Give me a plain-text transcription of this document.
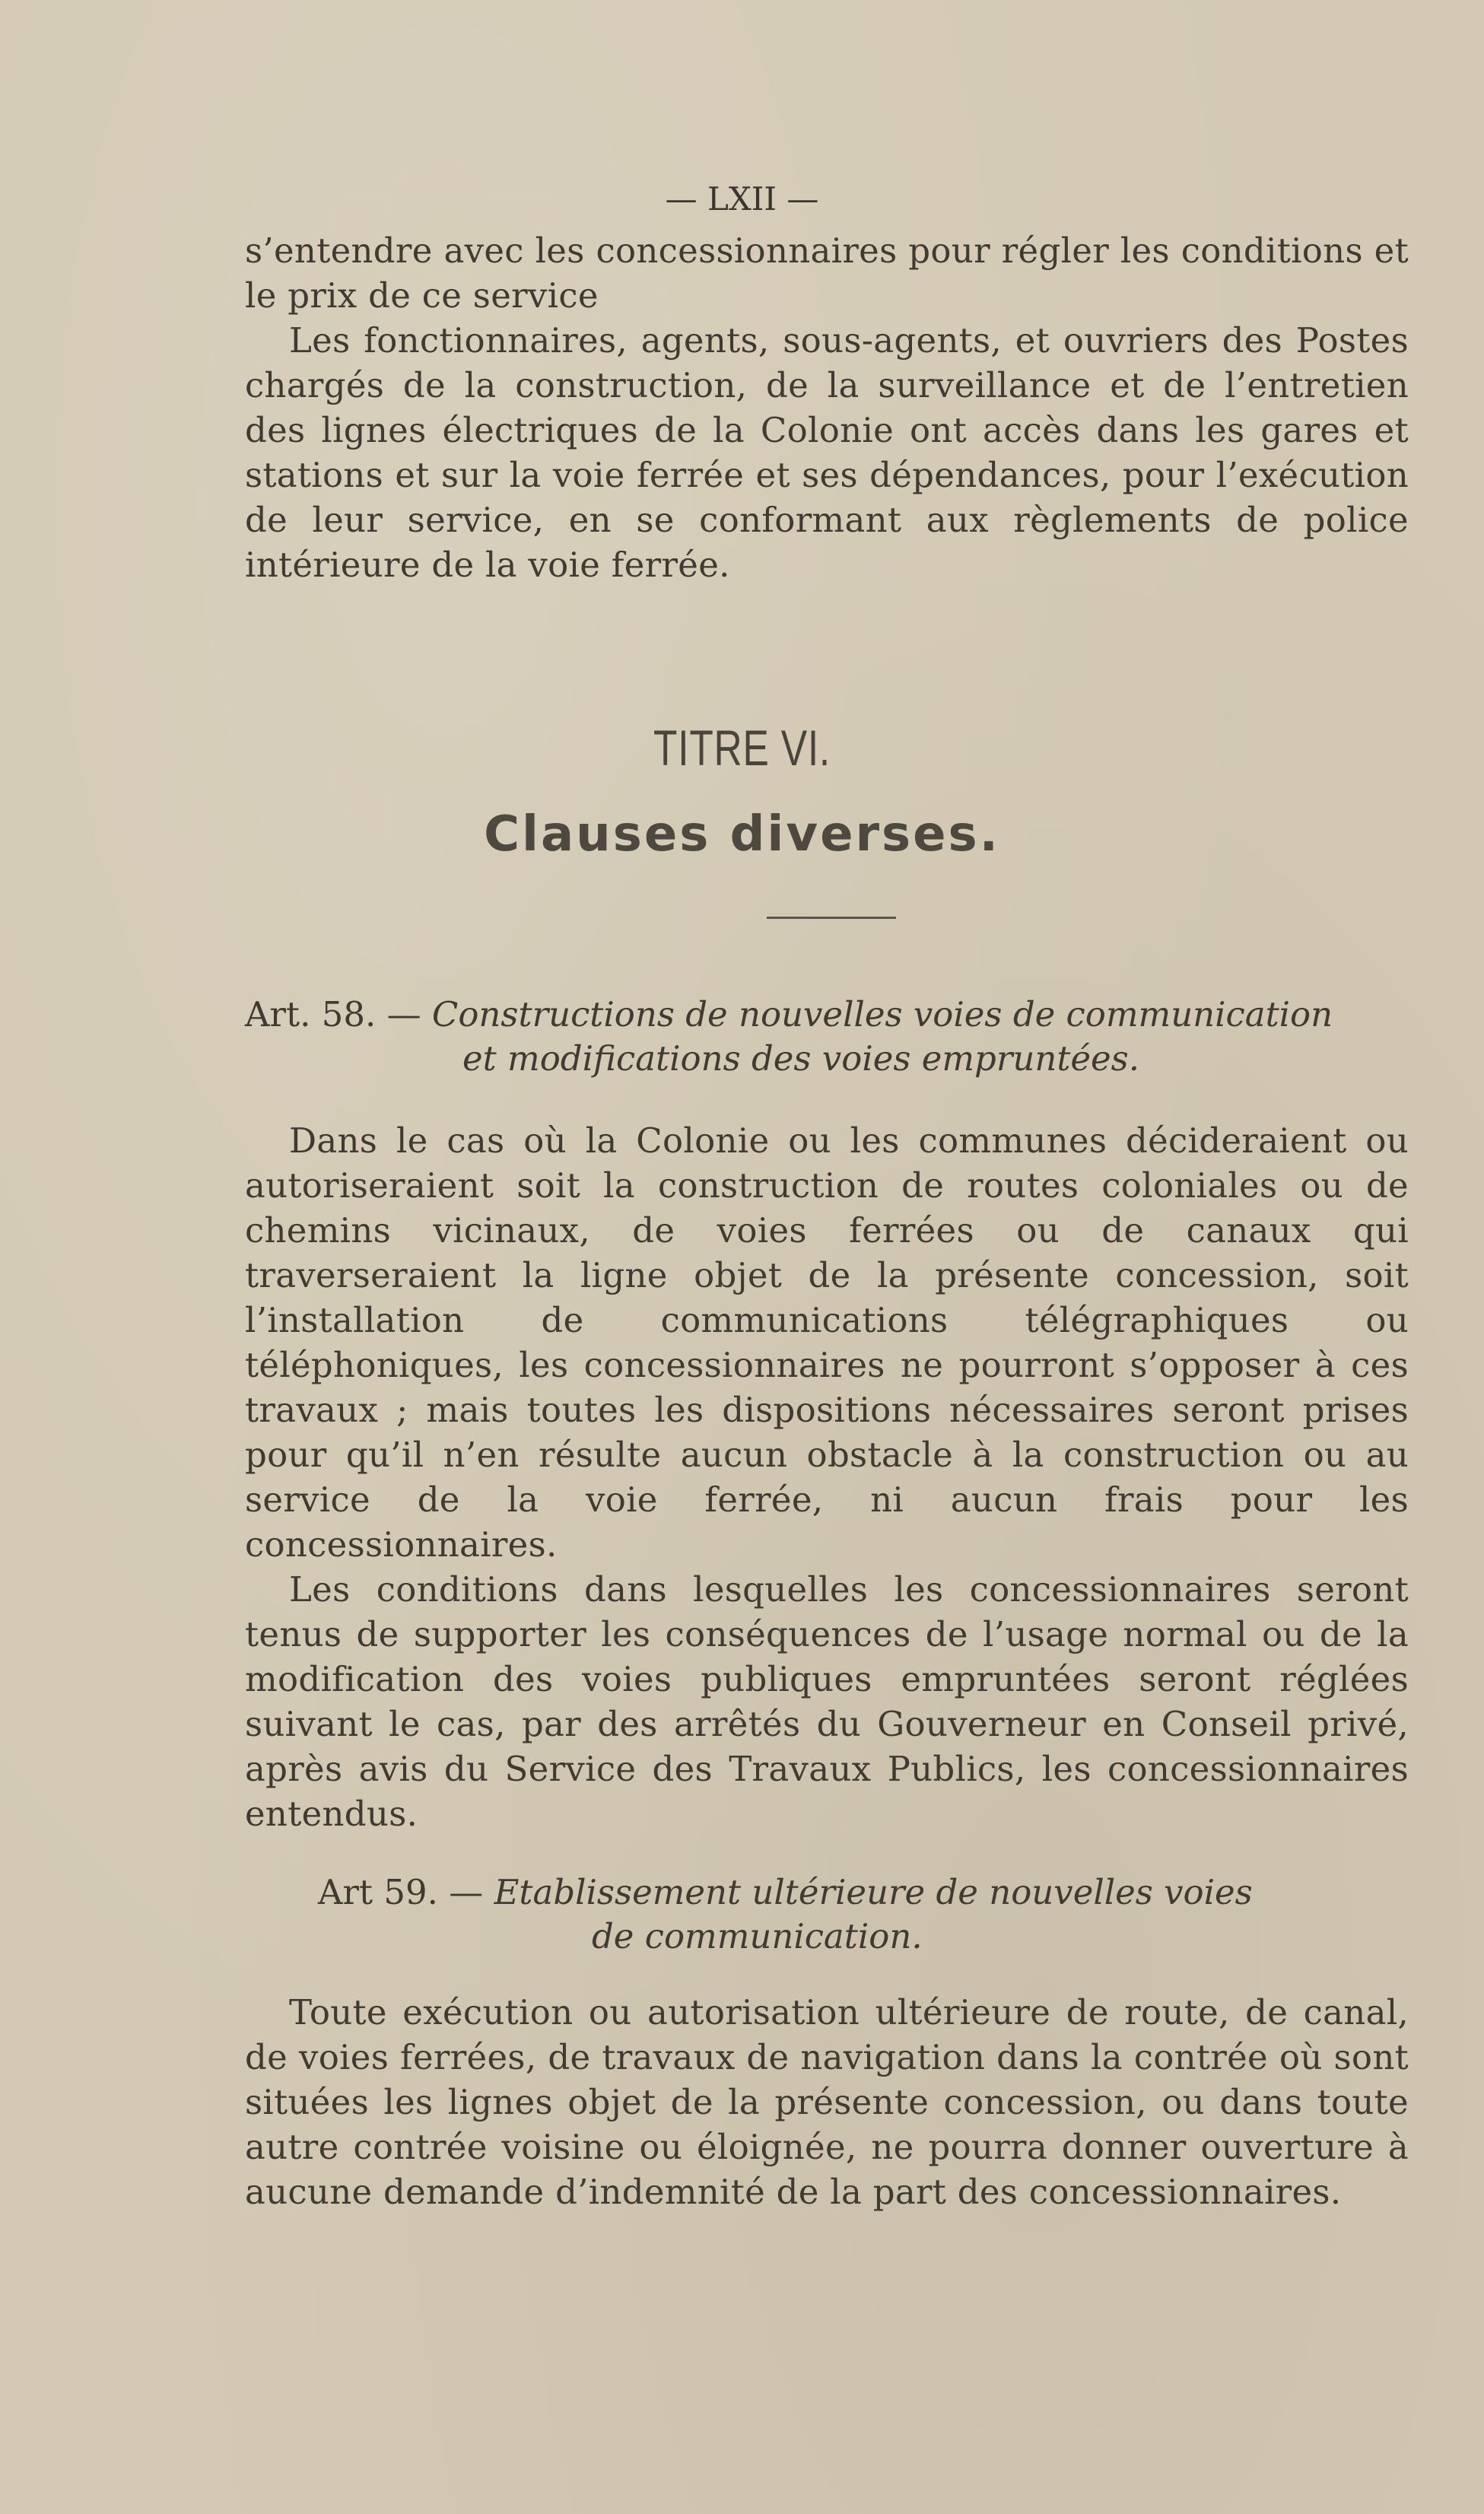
— LXII —

s’entendre avec les concessionnaires pour régler les conditions et le prix de ce service

Les fonctionnaires, agents, sous-agents, et ouvriers des Postes chargés de la construction, de la surveillance et de l’entretien des lignes électriques de la Colonie ont accès dans les gares et stations et sur la voie ferrée et ses dépendances, pour l’exécution de leur service, en se conformant aux règlements de police intérieure de la voie ferrée.

TITRE VI.
Clauses diverses.
Art. 58. — Constructions de nouvelles voies de communication
et modifications des voies empruntées.

Dans le cas où la Colonie ou les communes décideraient ou autoriseraient soit la construction de routes coloniales ou de chemins vicinaux, de voies ferrées ou de canaux qui traverseraient la ligne objet de la présente concession, soit l’installation de communications télégraphiques ou téléphoniques, les concessionnaires ne pourront s’opposer à ces travaux ; mais toutes les dispositions nécessaires seront prises pour qu’il n’en résulte aucun obstacle à la construction ou au service de la voie ferrée, ni aucun frais pour les concessionnaires.

Les conditions dans lesquelles les concessionnaires seront tenus de supporter les conséquences de l’usage normal ou de la modification des voies publiques empruntées seront réglées suivant le cas, par des arrêtés du Gouverneur en Conseil privé, après avis du Service des Travaux Publics, les concessionnaires entendus.

Art 59. — Etablissement ultérieure de nouvelles voies
de communication.

Toute exécution ou autorisation ultérieure de route, de canal, de voies ferrées, de travaux de navigation dans la contrée où sont situées les lignes objet de la présente concession, ou dans toute autre contrée voisine ou éloignée, ne pourra donner ouverture à aucune demande d’indemnité de la part des concessionnaires.
